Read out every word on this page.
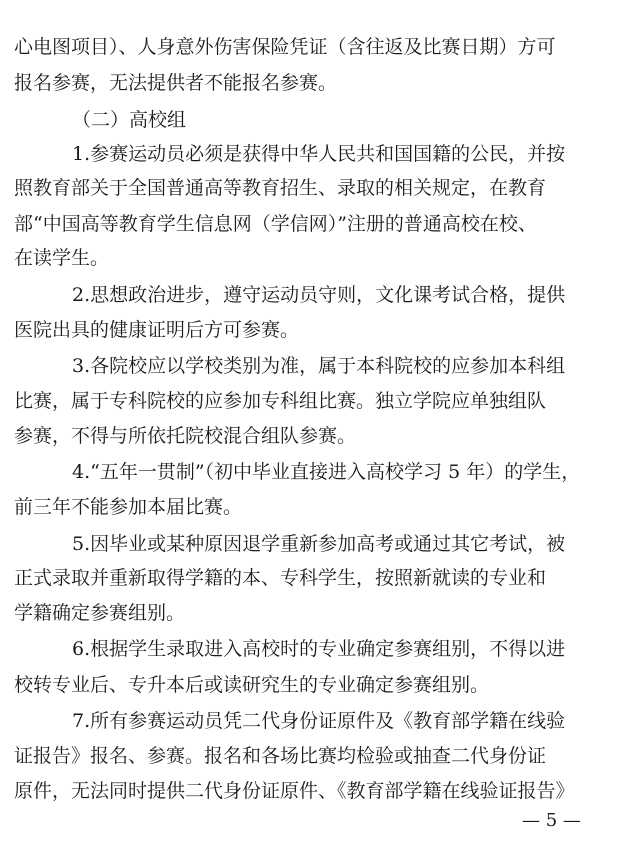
心电图项目）、人身意外伤害保险凭证（含往返及比赛日期）方可
报名参赛，无法提供者不能报名参赛。
（二）高校组
1.参赛运动员必须是获得中华人民共和国国籍的公民，并按
照教育部关于全国普通高等教育招生、录取的相关规定，在教育
部“中国高等教育学生信息网（学信网）”注册的普通高校在校、
在读学生。
2.思想政治进步，遵守运动员守则，文化课考试合格，提供
医院出具的健康证明后方可参赛。
3.各院校应以学校类别为准，属于本科院校的应参加本科组
比赛，属于专科院校的应参加专科组比赛。独立学院应单独组队
参赛，不得与所依托院校混合组队参赛。
4.“五年一贯制”（初中毕业直接进入高校学习 5 年）的学生，
前三年不能参加本届比赛。
5.因毕业或某种原因退学重新参加高考或通过其它考试，被
正式录取并重新取得学籍的本、专科学生，按照新就读的专业和
学籍确定参赛组别。
6.根据学生录取进入高校时的专业确定参赛组别，不得以进
校转专业后、专升本后或读研究生的专业确定参赛组别。
7.所有参赛运动员凭二代身份证原件及《教育部学籍在线验
证报告》报名、参赛。报名和各场比赛均检验或抽查二代身份证
原件，无法同时提供二代身份证原件、《教育部学籍在线验证报告》
— 5 —
